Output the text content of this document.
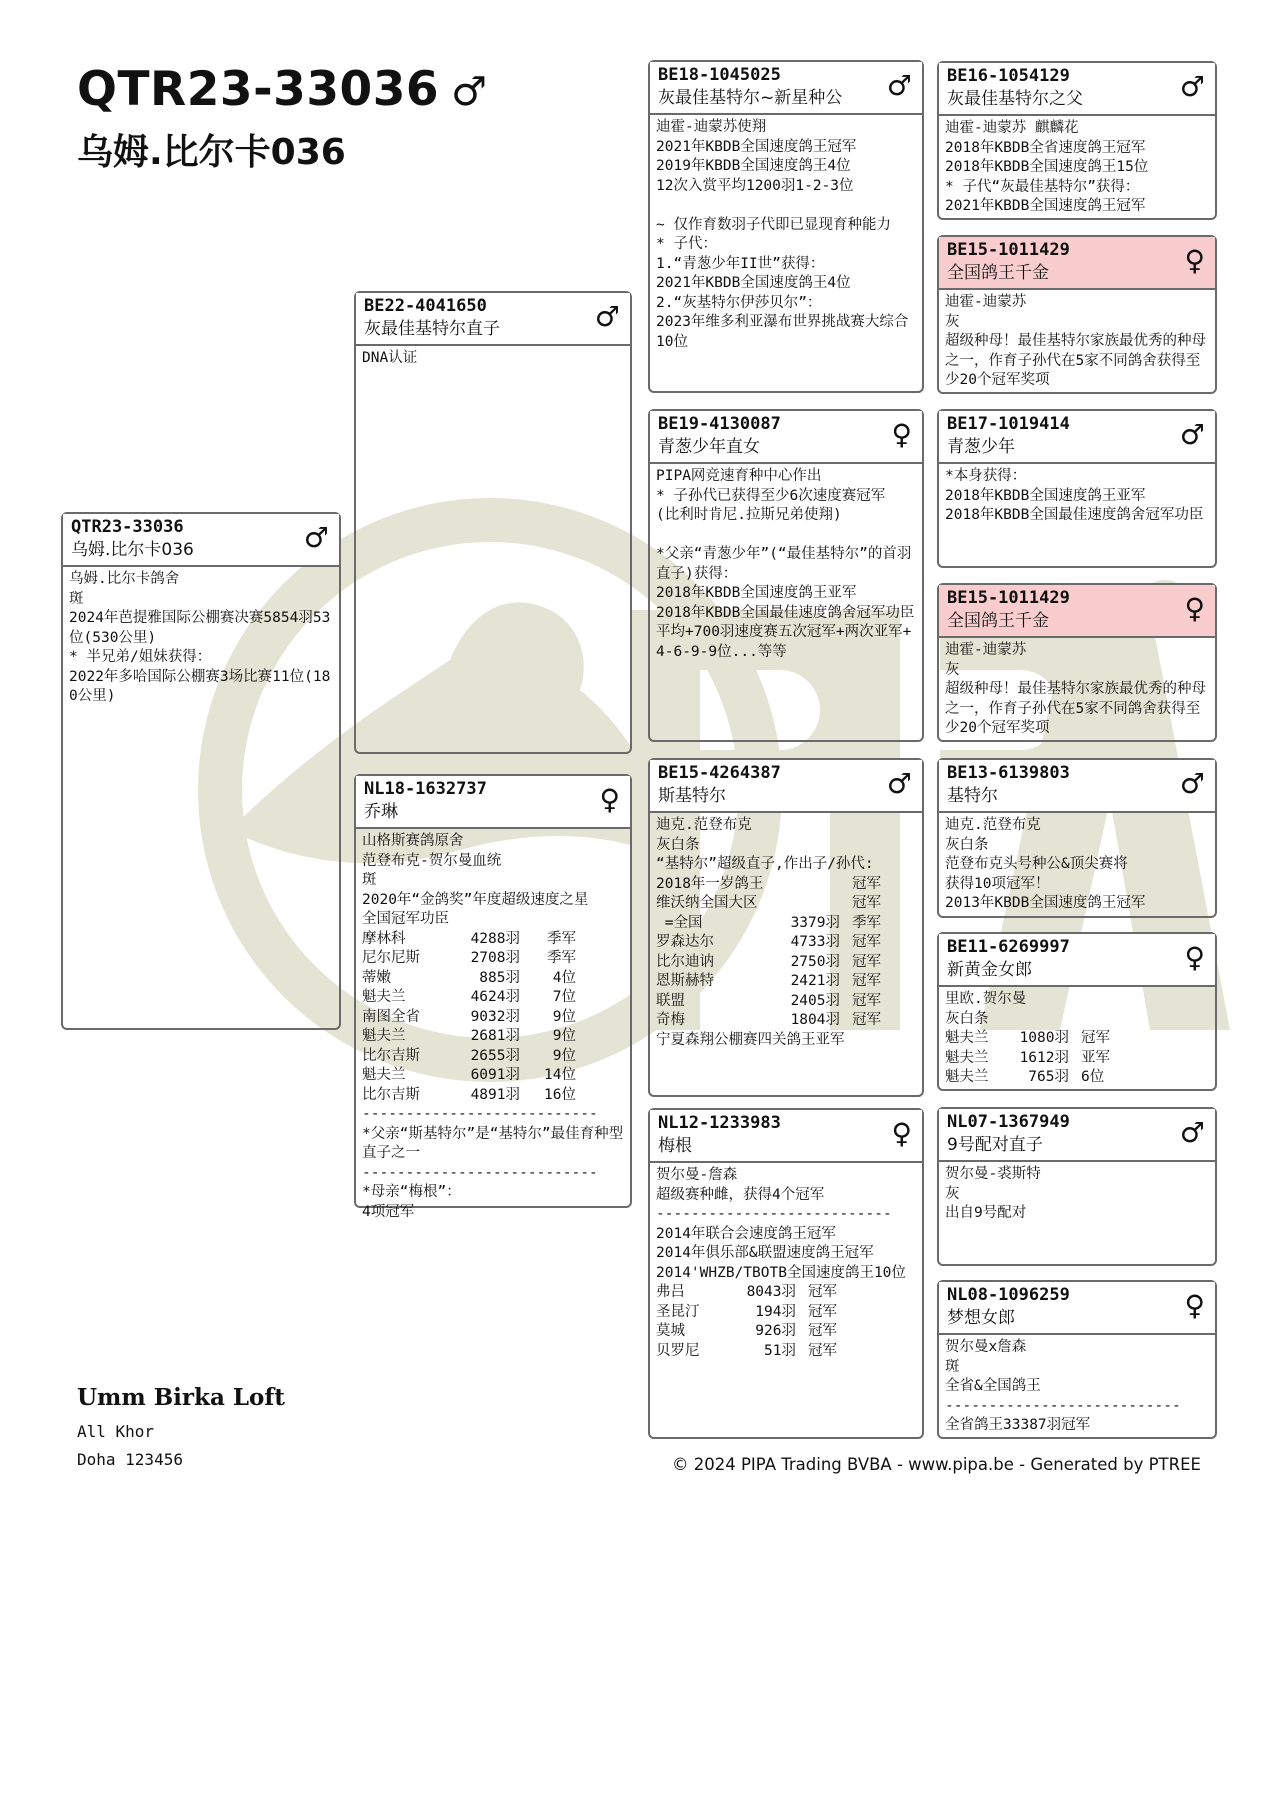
QTR23-33036 ♂
乌姆.比尔卡036
QTR23-33036
乌姆.比尔卡036	♂
乌姆.比尔卡鸽舍
斑
2024年芭提雅国际公棚赛决赛5854羽53位(530公里)
* 半兄弟/姐妹获得：
2022年多哈国际公棚赛3场比赛11位(180公里)
BE22-4041650
灰最佳基特尔直子	♂
DNA认证
NL18-1632737
乔琳	♀
山格斯赛鸽原舍
范登布克-贺尔曼血统
斑
2020年“金鸽奖”年度超级速度之星
全国冠军功臣
摩林科	4288羽	季军
尼尔尼斯	2708羽	季军
蒂嫩	885羽	4位
魁夫兰	4624羽	7位
南图全省	9032羽	9位
魁夫兰	2681羽	9位
比尔吉斯	2655羽	9位
魁夫兰	6091羽	14位
比尔吉斯	4891羽	16位
---------------------------
*父亲“斯基特尔”是“基特尔”最佳育种型直子之一
---------------------------
*母亲“梅根”：
4项冠军
BE18-1045025
灰最佳基特尔~新星种公	♂
迪霍-迪蒙苏使翔
2021年KBDB全国速度鸽王冠军
2019年KBDB全国速度鸽王4位
12次入赏平均1200羽1-2-3位
~ 仅作育数羽子代即已显现育种能力
* 子代：
1.“青葱少年II世”获得：
2021年KBDB全国速度鸽王4位
2.“灰基特尔伊莎贝尔”：
2023年维多利亚瀑布世界挑战赛大综合10位
BE19-4130087
青葱少年直女	♀
PIPA网竞速育种中心作出
* 子孙代已获得至少6次速度赛冠军
(比利时肯尼.拉斯兄弟使翔)
*父亲“青葱少年”(“最佳基特尔”的首羽直子)获得：
2018年KBDB全国速度鸽王亚军
2018年KBDB全国最佳速度鸽舍冠军功臣
平均+700羽速度赛五次冠军+两次亚军+4-6-9-9位...等等
BE15-4264387
斯基特尔	♂
迪克.范登布克
灰白条
“基特尔”超级直子,作出子/孙代:
2018年一岁鸽王	冠军
维沃纳全国大区	冠军
=全国	3379羽 季军
罗森达尔	4733羽 冠军
比尔迪讷	2750羽 冠军
恩斯赫特	2421羽 冠军
联盟	2405羽 冠军
奇梅	1804羽 冠军
宁夏森翔公棚赛四关鸽王亚军
NL12-1233983
梅根	♀
贺尔曼-詹森
超级赛种雌，获得4个冠军
---------------------------
2014年联合会速度鸽王冠军
2014年俱乐部&联盟速度鸽王冠军
2014'WHZB/TBOTB全国速度鸽王10位
弗吕	8043羽 冠军
圣昆汀	194羽 冠军
莫城	926羽 冠军
贝罗尼	51羽 冠军
BE16-1054129
灰最佳基特尔之父	♂
迪霍-迪蒙苏 麒麟花
2018年KBDB全省速度鸽王冠军
2018年KBDB全国速度鸽王15位
* 子代“灰最佳基特尔”获得：
2021年KBDB全国速度鸽王冠军
BE15-1011429
全国鸽王千金	♀
迪霍-迪蒙苏
灰
超级种母！最佳基特尔家族最优秀的种母之一，作育子孙代在5家不同鸽舍获得至少20个冠军奖项
BE17-1019414
青葱少年	♂
*本身获得：
2018年KBDB全国速度鸽王亚军
2018年KBDB全国最佳速度鸽舍冠军功臣
BE15-1011429
全国鸽王千金	♀
迪霍-迪蒙苏
灰
超级种母！最佳基特尔家族最优秀的种母之一，作育子孙代在5家不同鸽舍获得至少20个冠军奖项
BE13-6139803
基特尔	♂
迪克.范登布克
灰白条
范登布克头号种公&顶尖赛将
获得10项冠军！
2013年KBDB全国速度鸽王冠军
BE11-6269997
新黄金女郎	♀
里欧.贺尔曼
灰白条
魁夫兰	1080羽 冠军
魁夫兰	1612羽 亚军
魁夫兰	765羽 6位
NL07-1367949
9号配对直子	♂
贺尔曼-裘斯特
灰
出自9号配对
NL08-1096259
梦想女郎	♀
贺尔曼x詹森
斑
全省&全国鸽王
---------------------------
全省鸽王33387羽冠军
Umm Birka Loft
All Khor
Doha 123456	© 2024 PIPA Trading BVBA - www.pipa.be - Generated by PTREE
